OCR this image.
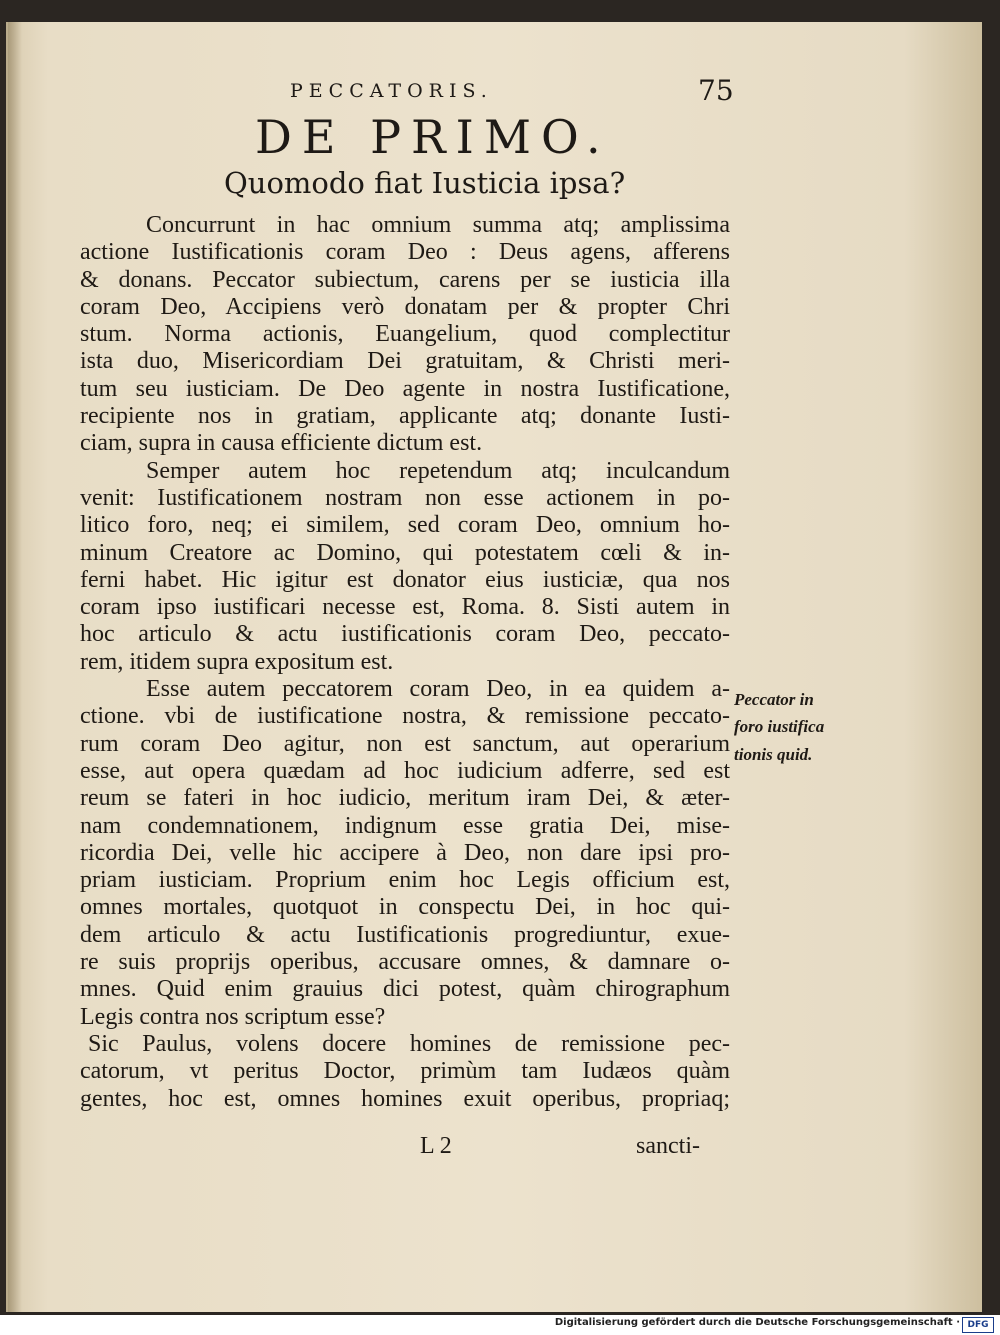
PECCATORIS.	75
DE PRIMO.
Quomodo fiat Iusticia ipsa?
Concurrunt in hac omnium summa atq; amplissima
actione Iustificationis coram Deo : Deus agens, afferens
& donans. Peccator subiectum, carens per se iusticia illa
coram Deo, Accipiens verò donatam per & propter Chri
stum. Norma actionis, Euangelium, quod complectitur
ista duo, Misericordiam Dei gratuitam, & Christi meri-
tum seu iusticiam. De Deo agente in nostra Iustificatione,
recipiente nos in gratiam, applicante atq; donante Iusti-
ciam, supra in causa efficiente dictum est.
Semper autem hoc repetendum atq; inculcandum
venit: Iustificationem nostram non esse actionem in po-
litico foro, neq; ei similem, sed coram Deo, omnium ho-
minum Creatore ac Domino, qui potestatem cœli & in-
ferni habet. Hic igitur est donator eius iusticiæ, qua nos
coram ipso iustificari necesse est, Roma. 8. Sisti autem in
hoc articulo & actu iustificationis coram Deo, peccato-
rem, itidem supra expositum est.
Esse autem peccatorem coram Deo, in ea quidem a-
ctione. vbi de iustificatione nostra, & remissione peccato-
rum coram Deo agitur, non est sanctum, aut operarium
esse, aut opera quædam ad hoc iudicium adferre, sed est
reum se fateri in hoc iudicio, meritum iram Dei, & æter-
nam condemnationem, indignum esse gratia Dei, mise-
ricordia Dei, velle hic accipere à Deo, non dare ipsi pro-
priam iusticiam. Proprium enim hoc Legis officium est,
omnes mortales, quotquot in conspectu Dei, in hoc qui-
dem articulo & actu Iustificationis progrediuntur, exue-
re suis proprijs operibus, accusare omnes, & damnare o-
mnes. Quid enim grauius dici potest, quàm chirographum
Legis contra nos scriptum esse?
Sic Paulus, volens docere homines de remissione pec-
catorum, vt peritus Doctor, primùm tam Iudæos quàm
gentes, hoc est, omnes homines exuit operibus, propriaq;
Peccator in
foro iustifica
tionis quid.
L 2	sancti-
Digitalisierung gefördert durch die Deutsche Forschungsgemeinschaft · DFG
